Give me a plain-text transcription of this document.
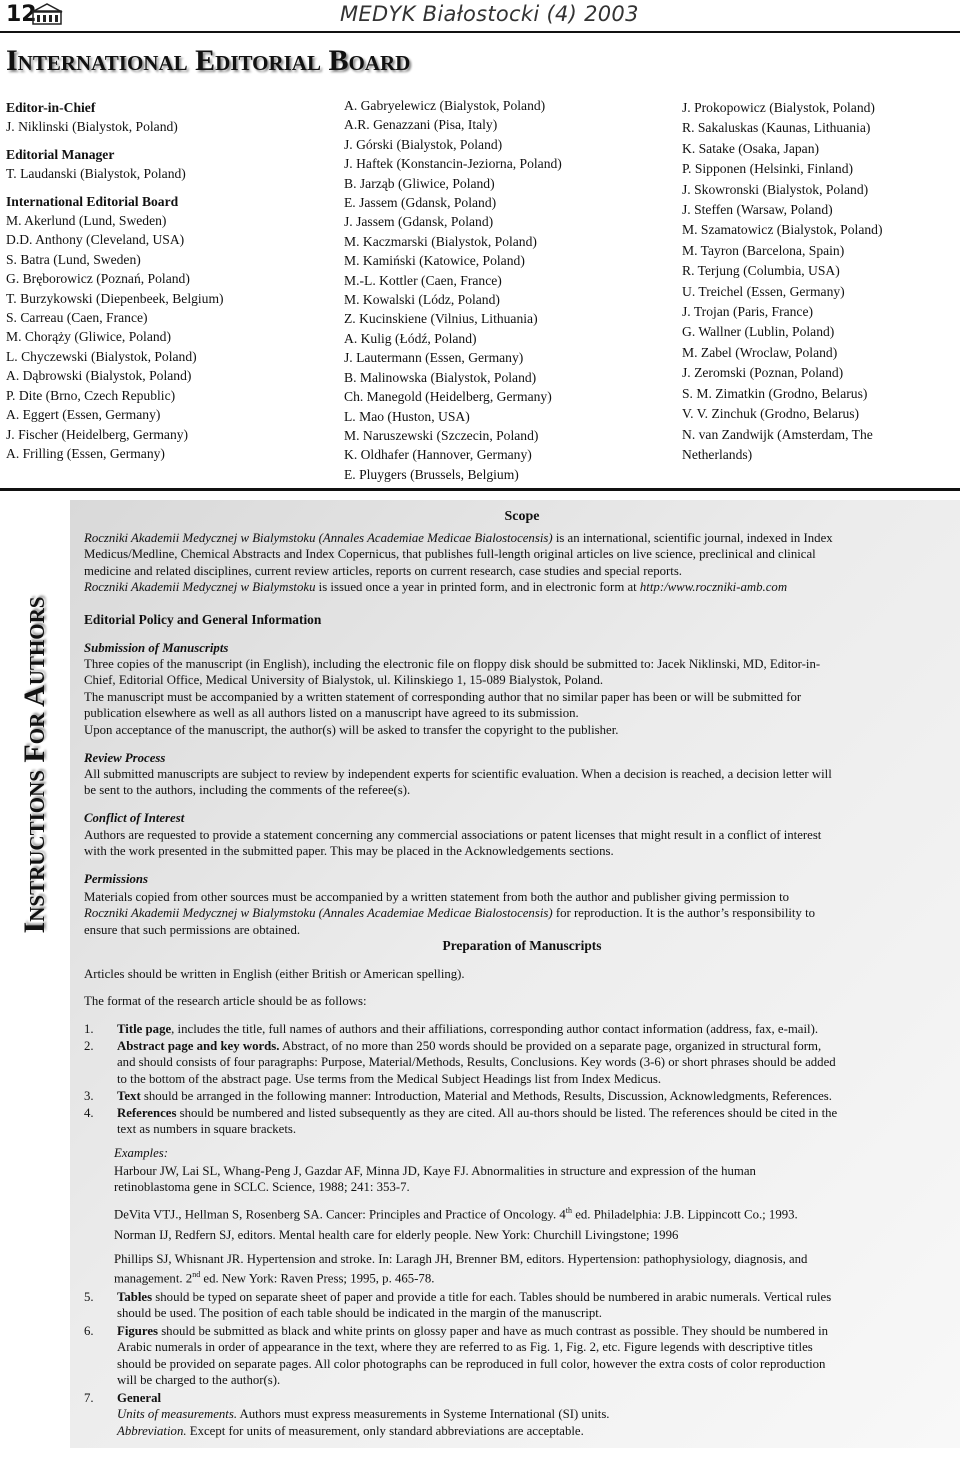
12	MEDYK Białostocki (4) 2003
International Editorial Board
Editor-in-Chief
J. Niklinski (Bialystok, Poland)
Editorial Manager
T. Laudanski (Bialystok, Poland)
International Editorial Board
M. Akerlund (Lund, Sweden)
D.D. Anthony (Cleveland, USA)
S. Batra (Lund, Sweden)
G. Bręborowicz (Poznań, Poland)
T. Burzykowski (Diepenbeek, Belgium)
S. Carreau (Caen, France)
M. Chorąży (Gliwice, Poland)
L. Chyczewski (Bialystok, Poland)
A. Dąbrowski (Bialystok, Poland)
P. Dite (Brno, Czech Republic)
A. Eggert (Essen, Germany)
J. Fischer (Heidelberg, Germany)
A. Frilling (Essen, Germany)
A. Gabryelewicz (Bialystok, Poland)
A.R. Genazzani (Pisa, Italy)
J. Górski (Bialystok, Poland)
J. Haftek (Konstancin-Jeziorna, Poland)
B. Jarząb (Gliwice, Poland)
E. Jassem (Gdansk, Poland)
J. Jassem (Gdansk, Poland)
M. Kaczmarski (Bialystok, Poland)
M. Kamiński (Katowice, Poland)
M.-L. Kottler (Caen, France)
M. Kowalski (Lódz, Poland)
Z. Kucinskiene (Vilnius, Lithuania)
A. Kulig (Łódź, Poland)
J. Lautermann (Essen, Germany)
B. Malinowska (Bialystok, Poland)
Ch. Manegold (Heidelberg, Germany)
L. Mao (Huston, USA)
M. Naruszewski (Szczecin, Poland)
K. Oldhafer (Hannover, Germany)
E. Pluygers (Brussels, Belgium)
J. Prokopowicz (Bialystok, Poland)
R. Sakaluskas (Kaunas, Lithuania)
K. Satake (Osaka, Japan)
P. Sipponen (Helsinki, Finland)
J. Skowronski (Bialystok, Poland)
J. Steffen (Warsaw, Poland)
M. Szamatowicz (Bialystok, Poland)
M. Tayron (Barcelona, Spain)
R. Terjung (Columbia, USA)
U. Treichel (Essen, Germany)
J. Trojan (Paris, France)
G. Wallner (Lublin, Poland)
M. Zabel (Wroclaw, Poland)
J. Zeromski (Poznan, Poland)
S. M. Zimatkin (Grodno, Belarus)
V. V. Zinchuk (Grodno, Belarus)
N. van Zandwijk (Amsterdam, The
Netherlands)
Instructions For Authors
Scope
Roczniki Akademii Medycznej w Bialymstoku (Annales Academiae Medicae Bialostocensis) is an international, scientific journal, indexed in Index
Medicus/Medline, Chemical Abstracts and Index Copernicus, that publishes full-length original articles on live science, preclinical and clinical
medicine and related disciplines, current review articles, reports on current research, case studies and special reports.
Roczniki Akademii Medycznej w Bialymstoku is issued once a year in printed form, and in electronic form at http:/www.roczniki-amb.com
Editorial Policy and General Information
Submission of Manuscripts
Three copies of the manuscript (in English), including the electronic file on floppy disk should be submitted to: Jacek Niklinski, MD, Editor-in-
Chief, Editorial Office, Medical University of Bialystok, ul. Kilinskiego 1, 15-089 Bialystok, Poland.
The manuscript must be accompanied by a written statement of corresponding author that no similar paper has been or will be submitted for
publication elsewhere as well as all authors listed on a manuscript have agreed to its submission.
Upon acceptance of the manuscript, the author(s) will be asked to transfer the copyright to the publisher.
Review Process
All submitted manuscripts are subject to review by independent experts for scientific evaluation. When a decision is reached, a decision letter will
be sent to the authors, including the comments of the referee(s).
Conflict of Interest
Authors are requested to provide a statement concerning any commercial associations or patent licenses that might result in a conflict of interest
with the work presented in the submitted paper. This may be placed in the Acknowledgements sections.
Permissions
Materials copied from other sources must be accompanied by a written statement from both the author and publisher giving permission to
Roczniki Akademii Medycznej w Bialymstoku (Annales Academiae Medicae Bialostocensis) for reproduction. It is the author’s responsibility to
ensure that such permissions are obtained.
Preparation of Manuscripts
Articles should be written in English (either British or American spelling).
The format of the research article should be as follows:
1. Title page, includes the title, full names of authors and their affiliations, corresponding author contact information (address, fax, e-mail).
2. Abstract page and key words. Abstract, of no more than 250 words should be provided on a separate page, organized in structural form,
and should consists of four paragraphs: Purpose, Material/Methods, Results, Conclusions. Key words (3-6) or short phrases should be added
to the bottom of the abstract page. Use terms from the Medical Subject Headings list from Index Medicus.
3. Text should be arranged in the following manner: Introduction, Material and Methods, Results, Discussion, Acknowledgments, References.
4. References should be numbered and listed subsequently as they are cited. All au-thors should be listed. The references should be cited in the
text as numbers in square brackets.
Examples:
Harbour JW, Lai SL, Whang-Peng J, Gazdar AF, Minna JD, Kaye FJ. Abnormalities in structure and expression of the human
retinoblastoma gene in SCLC. Science, 1988; 241: 353-7.
DeVita VTJ., Hellman S, Rosenberg SA. Cancer: Principles and Practice of Oncology. 4th ed. Philadelphia: J.B. Lippincott Co.; 1993.
Norman IJ, Redfern SJ, editors. Mental health care for elderly people. New York: Churchill Livingstone; 1996
Phillips SJ, Whisnant JR. Hypertension and stroke. In: Laragh JH, Brenner BM, editors. Hypertension: pathophysiology, diagnosis, and
management. 2nd ed. New York: Raven Press; 1995, p. 465-78.
5. Tables should be typed on separate sheet of paper and provide a title for each. Tables should be numbered in arabic numerals. Vertical rules
should be used. The position of each table should be indicated in the margin of the manuscript.
6. Figures should be submitted as black and white prints on glossy paper and have as much contrast as possible. They should be numbered in
Arabic numerals in order of appearance in the text, where they are referred to as Fig. 1, Fig. 2, etc. Figure legends with descriptive titles
should be provided on separate pages. All color photographs can be reproduced in full color, however the extra costs of color reproduction
will be charged to the author(s).
7. General
Units of measurements. Authors must express measurements in Systeme International (SI) units.
Abbreviation. Except for units of measurement, only standard abbreviations are acceptable.
